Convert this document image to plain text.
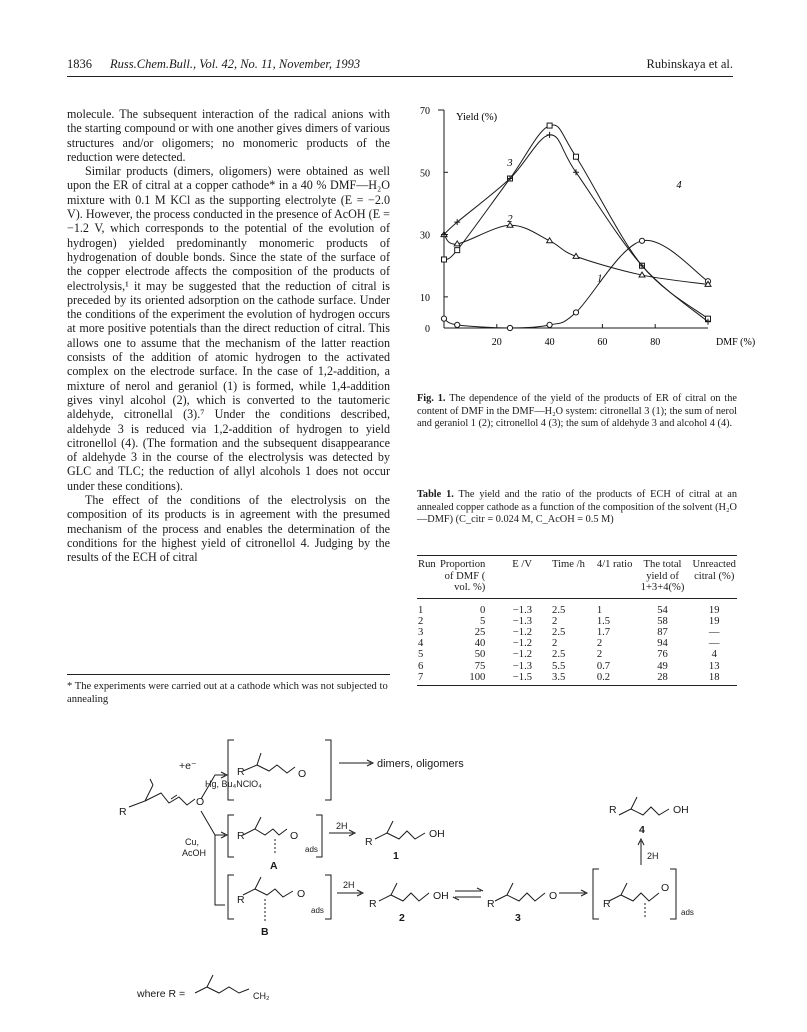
1836 Russ.Chem.Bull., Vol. 42, No. 11, November, 1993	Rubinskaya et al.

molecule. The subsequent interaction of the radical anions with the starting compound or with one another gives dimers of various structures and/or oligomers; no monomeric products of the reduction were detected.

Similar products (dimers, oligomers) were obtained as well upon the ER of citral at a copper cathode* in a 40 % DMF—H₂O mixture with 0.1 M KCl as the supporting electrolyte (E = −2.0 V). However, the process conducted in the presence of AcOH (E = −1.2 V, which corresponds to the potential of the evolution of hydrogen) yielded predominantly monomeric products of hydrogenation of double bonds. Since the state of the surface of the copper electrode affects the composition of the products of electrolysis,¹ it may be suggested that the reduction of citral is preceded by its oriented adsorption on the cathode surface. Under the conditions of the experiment the evolution of hydrogen occurs at more positive potentials than the direct reduction of citral. This allows one to assume that the mechanism of the latter reaction consists of the addition of atomic hydrogen to the activated complex on the electrode surface. In the case of 1,2-addition, a mixture of nerol and geraniol (1) is formed, while 1,4-addition gives vinyl alcohol (2), which is converted to the tautomeric aldehyde, citronellal (3).⁷ Under the conditions described, aldehyde 3 is reduced via 1,2-addition of hydrogen to yield citronellol (4). (The formation and the subsequent disappearance of aldehyde 3 in the course of the electrolysis was detected by GLC and TLC; the reduction of allyl alcohols 1 does not occur under these conditions).

The effect of the conditions of the electrolysis on the composition of its products is in agreement with the presumed mechanism of the process and enables the determination of the conditions for the highest yield of citronellol 4. Judging by the results of the ECH of citral

* The experiments were carried out at a cathode which was not subjected to annealing
70
50
30
10
0
20	40	60	80
Yield (%)
DMF (%)
1
2
3
4
Fig. 1. The dependence of the yield of the products of ER of citral on the content of DMF in the DMF—H₂O system: citronellal 3 (1); the sum of nerol and geraniol 1 (2); citronellol 4 (3); the sum of aldehyde 3 and alcohol 4 (4).
Table 1. The yield and the ratio of the products of ECH of citral at an annealed copper cathode as a function of the composition of the solvent (H₂O—DMF) (C_citr = 0.024 M, C_AcOH = 0.5 M)
Run	Proportion of DMF ( vol. %)	E /V	Time /h	4/1 ratio	The total yield of 1+3+4(%)	Unreacted citral (%)
1	0	−1.3	2.5	1	54	19
2	5	−1.3	2	1.5	58	19
3	25	−1.2	2.5	1.7	87	—
4	40	−1.2	2	2	94	—
5	50	−1.2	2.5	2	76	4
6	75	−1.3	5.5	0.7	49	13
7	100	−1.5	3.5	0.2	28	18
R
O
+e⁻
Hg, Bu₄NClO₄
Cu,
AcOH
R	O
dimers, oligomers
R	O
ads
2H
A
R
OH
1
R	O
ads
2H
B
R
OH
2
R
O
3
R
O
ads
2H
R	OH
4
where R =	CH₂
